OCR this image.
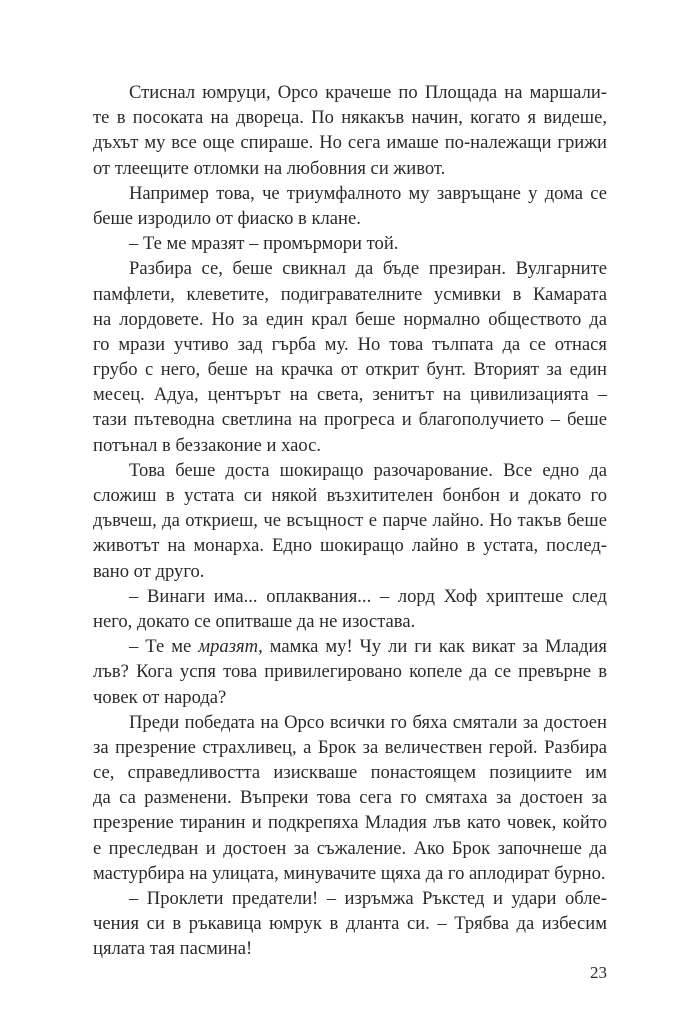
Стиснал юмруци, Орсо крачеше по Площада на маршали-
те в посоката на двореца. По някакъв начин, когато я видеше,
дъхът му все още спираше. Но сега имаше по-належащи грижи
от тлеещите отломки на любовния си живот.
Например това, че триумфалното му завръщане у дома се
беше изродило от фиаско в клане.
– Те ме мразят – промърмори той.
Разбира се, беше свикнал да бъде презиран. Вулгарните
памфлети, клеветите, подигравателните усмивки в Камарата
на лордовете. Но за един крал беше нормално обществото да
го мрази учтиво зад гърба му. Но това тълпата да се отнася
грубо с него, беше на крачка от открит бунт. Вторият за един
месец. Адуа, центърът на света, зенитът на цивилизацията –
тази пътеводна светлина на прогреса и благополучието – беше
потънал в беззаконие и хаос.
Това беше доста шокиращо разочарование. Все едно да
сложиш в устата си някой възхитителен бонбон и докато го
дъвчеш, да откриеш, че всъщност е парче лайно. Но такъв беше
животът на монарха. Едно шокиращо лайно в устата, послед-
вано от друго.
– Винаги има... оплаквания... – лорд Хоф хриптеше след
него, докато се опитваше да не изостава.
– Те ме мразят, мамка му! Чу ли ги как викат за Младия
лъв? Кога успя това привилегировано копеле да се превърне в
човек от народа?
Преди победата на Орсо всички го бяха смятали за достоен
за презрение страхливец, а Брок за величествен герой. Разбира
се, справедливостта изискваше понастоящем позициите им
да са разменени. Въпреки това сега го смятаха за достоен за
презрение тиранин и подкрепяха Младия лъв като човек, който
е преследван и достоен за съжаление. Ако Брок започнеше да
мастурбира на улицата, минувачите щяха да го аплодират бурно.
– Проклети предатели! – изръмжа Ръкстед и удари обле-
чения си в ръкавица юмрук в дланта си. – Трябва да избесим
цялата тая пасмина!
23
